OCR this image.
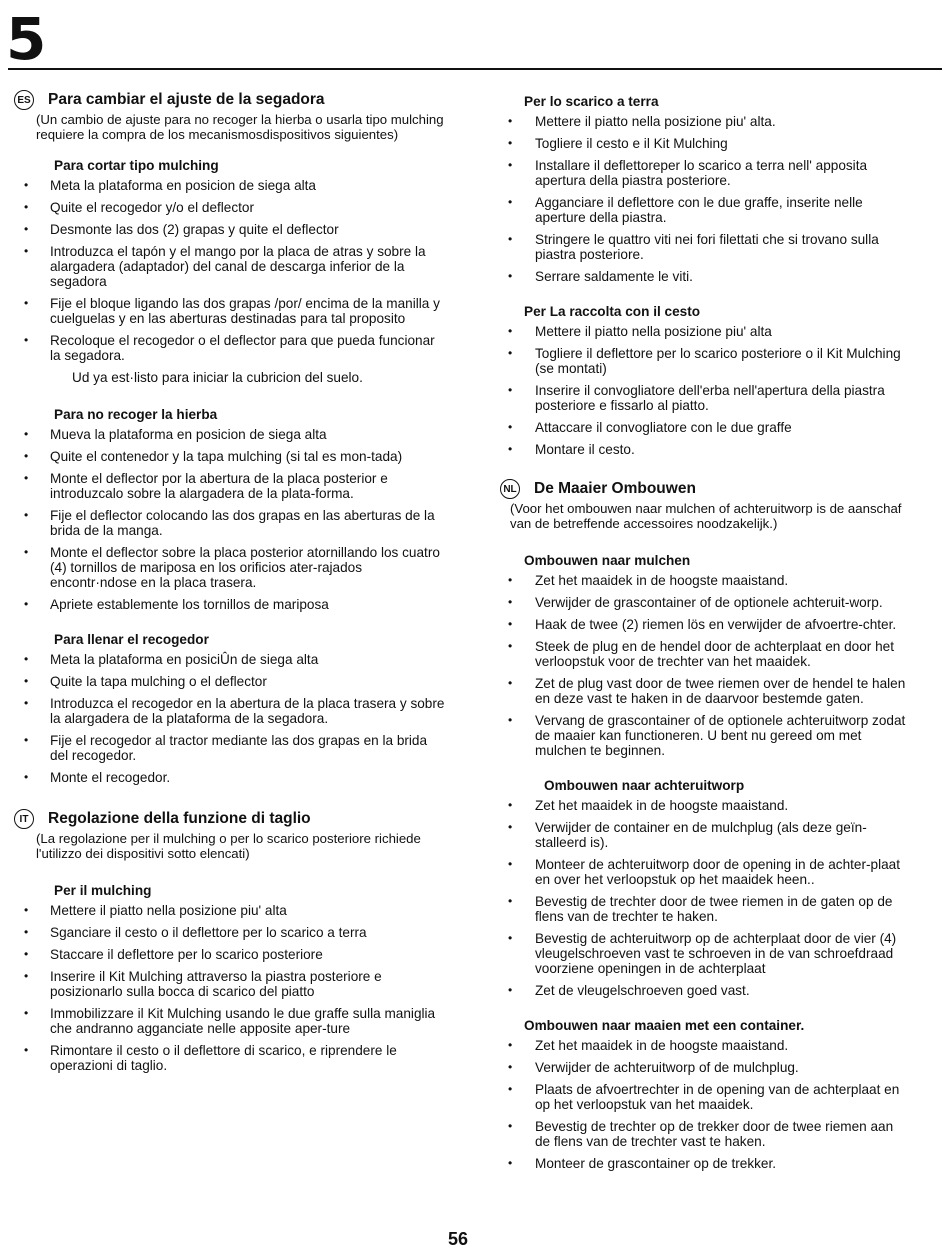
5
ES Para cambiar el ajuste de la segadora

(Un cambio de ajuste para no recoger la hierba o usarla tipo mulching requiere la compra de los mecanismosdispositivos siguientes)

Para cortar tipo mulching
• Meta la plataforma en posicion de siega alta
• Quite el recogedor y/o el deflector
• Desmonte las dos (2) grapas y quite el deflector
• Introduzca el tapón y el mango por la placa de atras y sobre la alargadera (adaptador) del canal de descarga inferior de la segadora
• Fije el bloque ligando las dos grapas /por/ encima de la manilla y cuelguelas y en las aberturas destinadas para tal proposito
• Recoloque el recogedor o el deflector para que pueda funcionar la segadora.

Ud ya est·listo para iniciar la cubricion del suelo.

Para no recoger la hierba
• Mueva la plataforma en posicion de siega alta
• Quite el contenedor y la tapa mulching (si tal es mon-tada)
• Monte el deflector por la abertura de la placa posterior e introduzcalo sobre la alargadera de la plata-forma.
• Fije el deflector colocando las dos grapas en las aberturas de la brida de la manga.
• Monte el deflector sobre la placa posterior atornillando los cuatro (4) tornillos de mariposa en los orificios ater-rajados encontr·ndose en la placa trasera.
• Apriete establemente los tornillos de mariposa
Para llenar el recogedor
• Meta la plataforma en posiciÛn de siega alta
• Quite la tapa mulching o el deflector
• Introduzca el recogedor en la abertura de la placa trasera y sobre la alargadera de la plataforma de la segadora.
• Fije el recogedor al tractor mediante las dos grapas en la brida del recogedor.
• Monte el recogedor.
IT	Regolazione della funzione di taglio

(La regolazione per il mulching o per lo scarico posteriore richiede l'utilizzo dei dispositivi sotto elencati)

Per il mulching
• Mettere il piatto nella posizione piu' alta
• Sganciare il cesto o il deflettore per lo scarico a terra
• Staccare il deflettore per lo scarico posteriore
• Inserire il Kit Mulching attraverso la piastra posteriore e posizionarlo sulla bocca di scarico del piatto
• Immobilizzare il Kit Mulching usando le due graffe sulla maniglia che andranno agganciate nelle apposite aper-ture
• Rimontare il cesto o il deflettore di scarico, e riprendere le operazioni di taglio.
Per lo scarico a terra
• Mettere il piatto nella posizione piu' alta.
• Togliere il cesto e il Kit Mulching
• Installare il deflettoreper lo scarico a terra nell' apposita apertura della piastra posteriore.
• Agganciare il deflettore con le due graffe, inserite nelle aperture della piastra.
• Stringere le quattro viti nei fori filettati che si trovano sulla piastra posteriore.
• Serrare saldamente le viti.
Per La raccolta con il cesto
• Mettere il piatto nella posizione piu' alta
• Togliere il deflettore per lo scarico posteriore o il Kit Mulching (se montati)
• Inserire il convogliatore dell'erba nell'apertura della piastra posteriore e fissarlo al piatto.
• Attaccare il convogliatore con le due graffe
• Montare il cesto.
NL De Maaier Ombouwen

(Voor het ombouwen naar mulchen of achteruitworp is de aanschaf van de betreffende accessoires noodzakelijk.)

Ombouwen naar mulchen
• Zet het maaidek in de hoogste maaistand.
• Verwijder de grascontainer of de optionele achteruit-worp.
• Haak de twee (2) riemen lös en verwijder de afvoertre-chter.
• Steek de plug en de hendel door de achterplaat en door het verloopstuk voor de trechter van het maaidek.
• Zet de plug vast door de twee riemen over de hendel te halen en deze vast te haken in de daarvoor bestemde gaten.
• Vervang de grascontainer of de optionele achteruitworp zodat de maaier kan functioneren. U bent nu gereed om met mulchen te beginnen.
Ombouwen naar achteruitworp
• Zet het maaidek in de hoogste maaistand.
• Verwijder de container en de mulchplug (als deze geïn-stalleerd is).
• Monteer de achteruitworp door de opening in de achter-plaat en over het verloopstuk op het maaidek heen..
• Bevestig de trechter door de twee riemen in de gaten op de flens van de trechter te haken.
• Bevestig de achteruitworp op de achterplaat door de vier (4) vleugelschroeven vast te schroeven in de van schroefdraad voorziene openingen in de achterplaat
• Zet de vleugelschroeven goed vast.
Ombouwen naar maaien met een container.
• Zet het maaidek in de hoogste maaistand.
• Verwijder de achteruitworp of de mulchplug.
• Plaats de afvoertrechter in de opening van de achterplaat en op het verloopstuk van het maaidek.
• Bevestig de trechter op de trekker door de twee riemen aan de flens van de trechter vast te haken.
• Monteer de grascontainer op de trekker.
56
